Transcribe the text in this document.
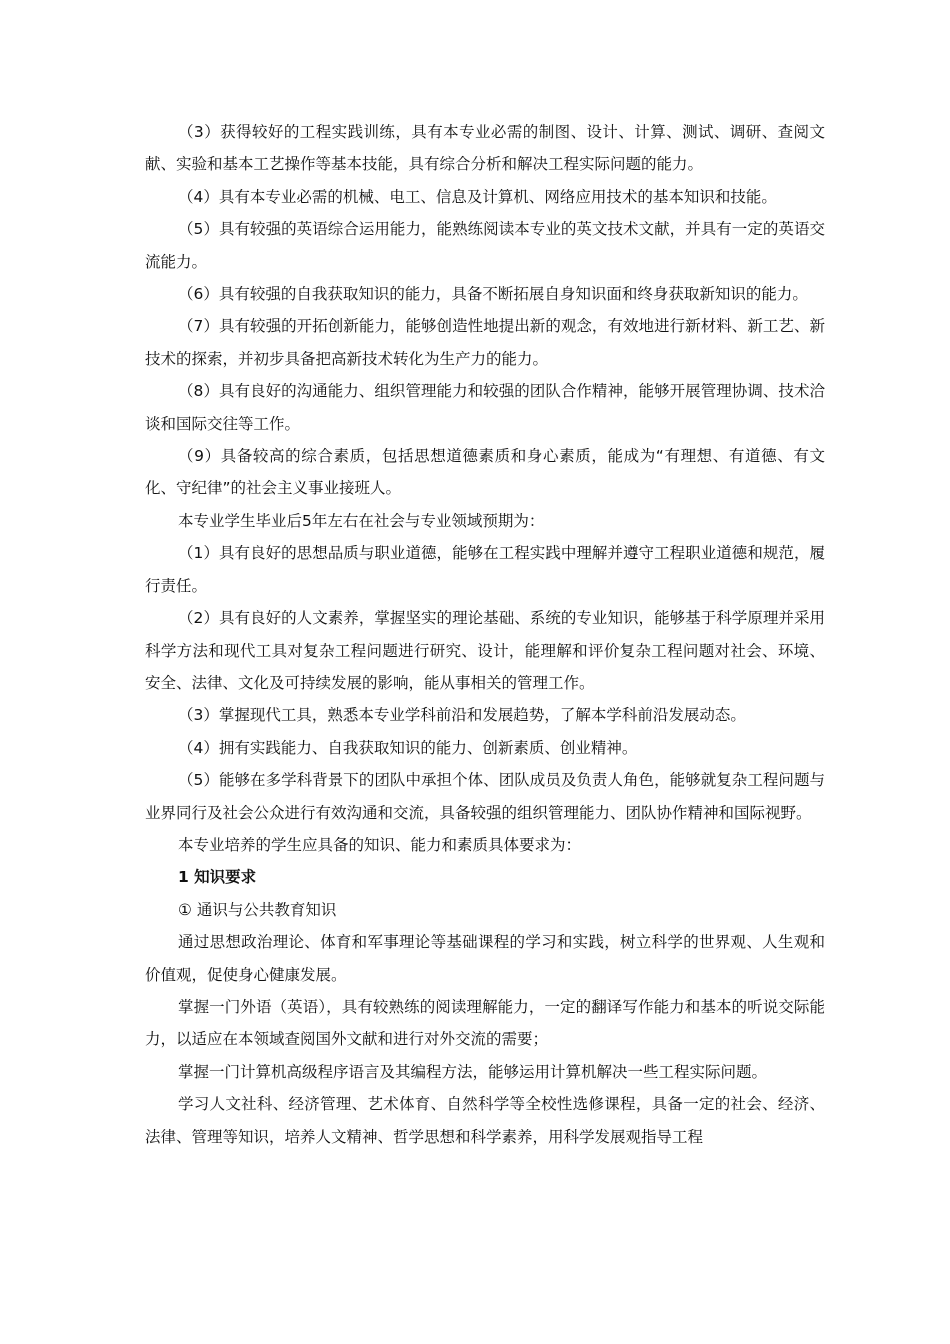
（3）获得较好的工程实践训练，具有本专业必需的制图、设计、计算、测试、调研、查阅文献、实验和基本工艺操作等基本技能，具有综合分析和解决工程实际问题的能力。

（4）具有本专业必需的机械、电工、信息及计算机、网络应用技术的基本知识和技能。

（5）具有较强的英语综合运用能力，能熟练阅读本专业的英文技术文献，并具有一定的英语交流能力。

（6）具有较强的自我获取知识的能力，具备不断拓展自身知识面和终身获取新知识的能力。

（7）具有较强的开拓创新能力，能够创造性地提出新的观念，有效地进行新材料、新工艺、新技术的探索，并初步具备把高新技术转化为生产力的能力。

（8）具有良好的沟通能力、组织管理能力和较强的团队合作精神，能够开展管理协调、技术洽谈和国际交往等工作。

（9）具备较高的综合素质，包括思想道德素质和身心素质，能成为“有理想、有道德、有文化、守纪律”的社会主义事业接班人。

本专业学生毕业后5年左右在社会与专业领域预期为：

（1）具有良好的思想品质与职业道德，能够在工程实践中理解并遵守工程职业道德和规范，履行责任。

（2）具有良好的人文素养，掌握坚实的理论基础、系统的专业知识，能够基于科学原理并采用科学方法和现代工具对复杂工程问题进行研究、设计，能理解和评价复杂工程问题对社会、环境、安全、法律、文化及可持续发展的影响，能从事相关的管理工作。

（3）掌握现代工具，熟悉本专业学科前沿和发展趋势，了解本学科前沿发展动态。

（4）拥有实践能力、自我获取知识的能力、创新素质、创业精神。

（5）能够在多学科背景下的团队中承担个体、团队成员及负责人角色，能够就复杂工程问题与业界同行及社会公众进行有效沟通和交流，具备较强的组织管理能力、团队协作精神和国际视野。

本专业培养的学生应具备的知识、能力和素质具体要求为：

1 知识要求

① 通识与公共教育知识

通过思想政治理论、体育和军事理论等基础课程的学习和实践，树立科学的世界观、人生观和价值观，促使身心健康发展。

掌握一门外语（英语），具有较熟练的阅读理解能力，一定的翻译写作能力和基本的听说交际能力，以适应在本领域查阅国外文献和进行对外交流的需要；

掌握一门计算机高级程序语言及其编程方法，能够运用计算机解决一些工程实际问题。

学习人文社科、经济管理、艺术体育、自然科学等全校性选修课程，具备一定的社会、经济、法律、管理等知识，培养人文精神、哲学思想和科学素养，用科学发展观指导工程
